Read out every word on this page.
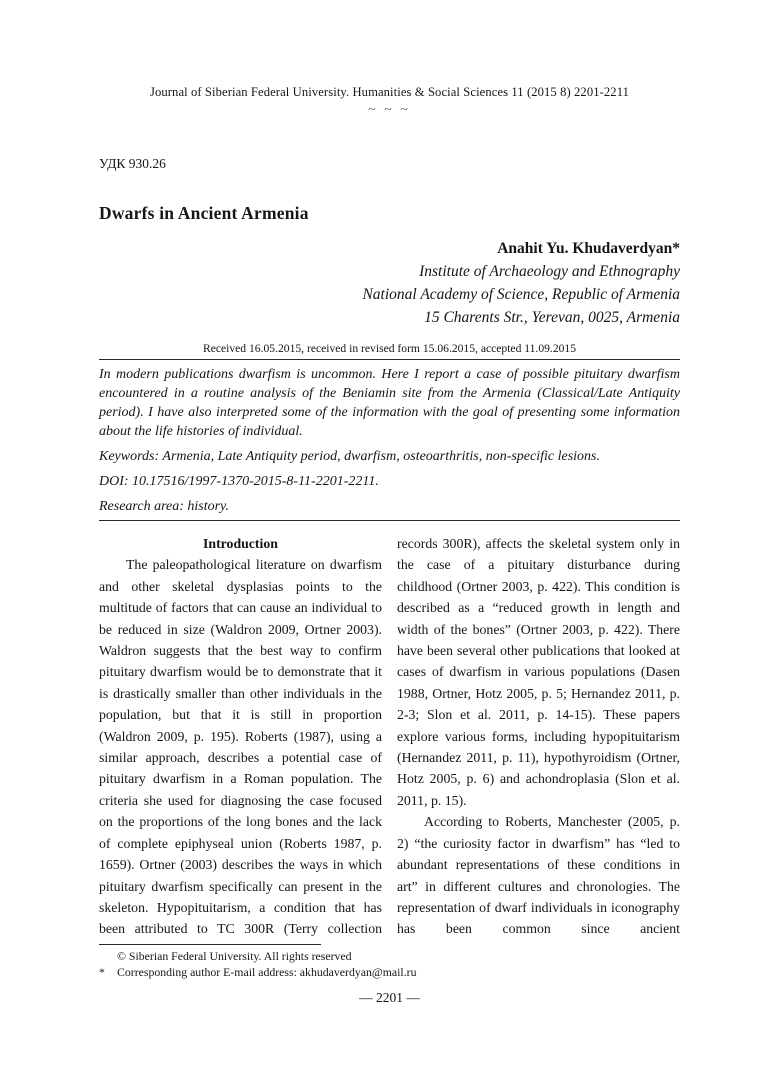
Journal of Siberian Federal University. Humanities & Social Sciences 11 (2015 8) 2201-2211
~ ~ ~
УДК 930.26
Dwarfs in Ancient Armenia
Anahit Yu. Khudaverdyan*
Institute of Archaeology and Ethnography
National Academy of Science, Republic of Armenia
15 Charents Str., Yerevan, 0025, Armenia
Received 16.05.2015, received in revised form 15.06.2015, accepted 11.09.2015

In modern publications dwarfism is uncommon. Here I report a case of possible pituitary dwarfism encountered in a routine analysis of the Beniamin site from the Armenia (Classical/Late Antiquity period). I have also interpreted some of the information with the goal of presenting some information about the life histories of individual.

Keywords: Armenia, Late Antiquity period, dwarfism, osteoarthritis, non-specific lesions.

DOI: 10.17516/1997-1370-2015-8-11-2201-2211.

Research area: history.

Introduction

The paleopathological literature on dwarfism and other skeletal dysplasias points to the multitude of factors that can cause an individual to be reduced in size (Waldron 2009, Ortner 2003). Waldron suggests that the best way to confirm pituitary dwarfism would be to demonstrate that it is drastically smaller than other individuals in the population, but that it is still in proportion (Waldron 2009, p. 195). Roberts (1987), using a similar approach, describes a potential case of pituitary dwarfism in a Roman population. The criteria she used for diagnosing the case focused on the proportions of the long bones and the lack of complete epiphyseal union (Roberts 1987, p. 1659). Ortner (2003) describes the ways in which pituitary dwarfism specifically can present in the skeleton. Hypopituitarism, a condition that has been attributed to TC 300R (Terry collection

records 300R), affects the skeletal system only in the case of a pituitary disturbance during childhood (Ortner 2003, p. 422). This condition is described as a “reduced growth in length and width of the bones” (Ortner 2003, p. 422). There have been several other publications that looked at cases of dwarfism in various populations (Dasen 1988, Ortner, Hotz 2005, p. 5; Hernandez 2011, p. 2-3; Slon et al. 2011, p. 14-15). These papers explore various forms, including hypopituitarism (Hernandez 2011, p. 11), hypothyroidism (Ortner, Hotz 2005, p. 6) and achondroplasia (Slon et al. 2011, p. 15).

According to Roberts, Manchester (2005, p. 2) “the curiosity factor in dwarfism” has “led to abundant representations of these conditions in art” in different cultures and chronologies. The representation of dwarf individuals in iconography has been common since ancient

© Siberian Federal University. All rights reserved
*	Corresponding author E-mail address: akhudaverdyan@mail.ru
— 2201 —
